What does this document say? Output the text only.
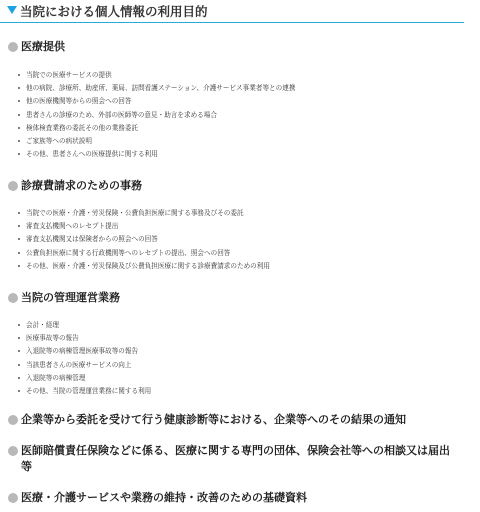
当院における個人情報の利用目的
医療提供
当院での医療サービスの提供
他の病院、診療所、助産所、薬局、訪問看護ステーション、介護サービス事業者等との連携
他の医療機関等からの照会への回答
患者さんの診療のため、外部の医師等の意見・助言を求める場合
検体検査業務の委託その他の業務委託
ご家族等への病状説明
その他、患者さんへの医療提供に関する利用
診療費請求のための事務
当院での医療・介護・労災保険・公費負担医療に関する事務及びその委託
審査支払機関へのレセプト提出
審査支払機関又は保険者からの照会への回答
公費負担医療に関する行政機関等へのレセプトの提出、照会への回答
その他、医療・介護・労災保険及び公費負担医療に関する診療費請求のための利用
当院の管理運営業務
会計・経理
医療事故等の報告
入退院等の病棟管理医療事故等の報告
当該患者さんの医療サービスの向上
入退院等の病棟管理
その他、当院の管理運営業務に関する利用
企業等から委託を受けて行う健康診断等における、企業等へのその結果の通知
医師賠償責任保険などに係る、医療に関する専門の団体、保険会社等への相談又は届出等
医療・介護サービスや業務の維持・改善のための基礎資料
